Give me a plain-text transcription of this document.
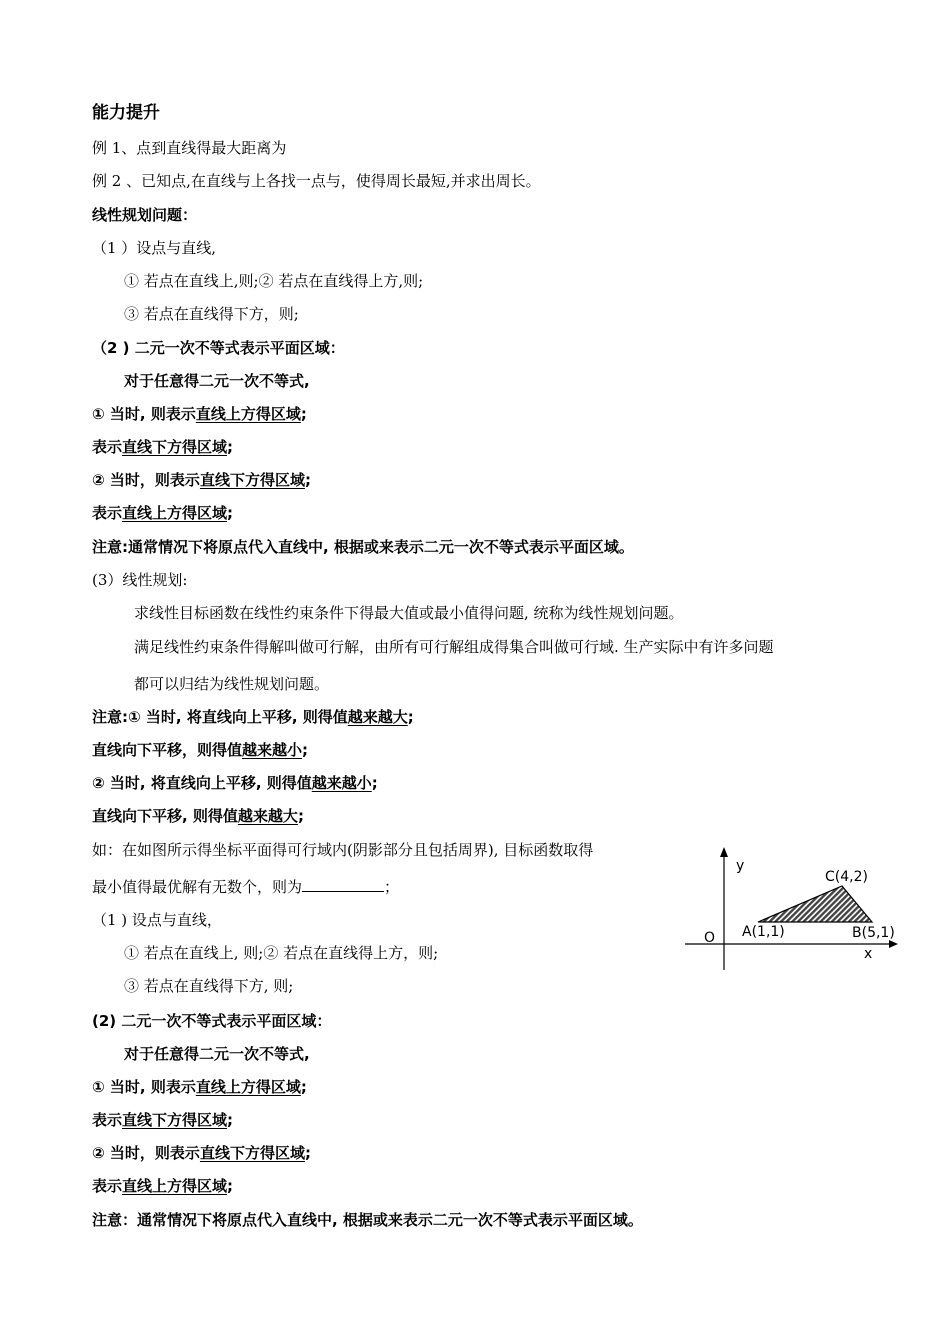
能力提升
例 1、点到直线得最大距离为
例 2 、已知点,在直线与上各找一点与，使得周长最短,并求出周长。
线性规划问题：
（1 ）设点与直线,
① 若点在直线上,则;② 若点在直线得上方,则;
③ 若点在直线得下方，则;
（2 ) 二元一次不等式表示平面区域：
对于任意得二元一次不等式,
① 当时, 则表示直线上方得区域;
表示直线下方得区域;
② 当时，则表示直线下方得区域;
表示直线上方得区域;
注意:通常情况下将原点代入直线中, 根据或来表示二元一次不等式表示平面区域。
(3）线性规划:
求线性目标函数在线性约束条件下得最大值或最小值得问题, 统称为线性规划问题。
满足线性约束条件得解叫做可行解，由所有可行解组成得集合叫做可行域. 生产实际中有许多问题
都可以归结为线性规划问题。
注意:① 当时, 将直线向上平移, 则得值越来越大;
直线向下平移，则得值越来越小;
② 当时, 将直线向上平移, 则得值越来越小;
直线向下平移, 则得值越来越大;
如：在如图所示得坐标平面得可行域内(阴影部分且包括周界), 目标函数取得
最小值得最优解有无数个，则为	；
（1 ) 设点与直线，
① 若点在直线上, 则;② 若点在直线得上方，则;
③ 若点在直线得下方, 则;
(2) 二元一次不等式表示平面区域：
对于任意得二元一次不等式,
① 当时, 则表示直线上方得区域;
表示直线下方得区域;
② 当时，则表示直线下方得区域;
表示直线上方得区域;
注意：通常情况下将原点代入直线中, 根据或来表示二元一次不等式表示平面区域。
y
x
O A(1,1)	B(5,1)
C(4,2)
